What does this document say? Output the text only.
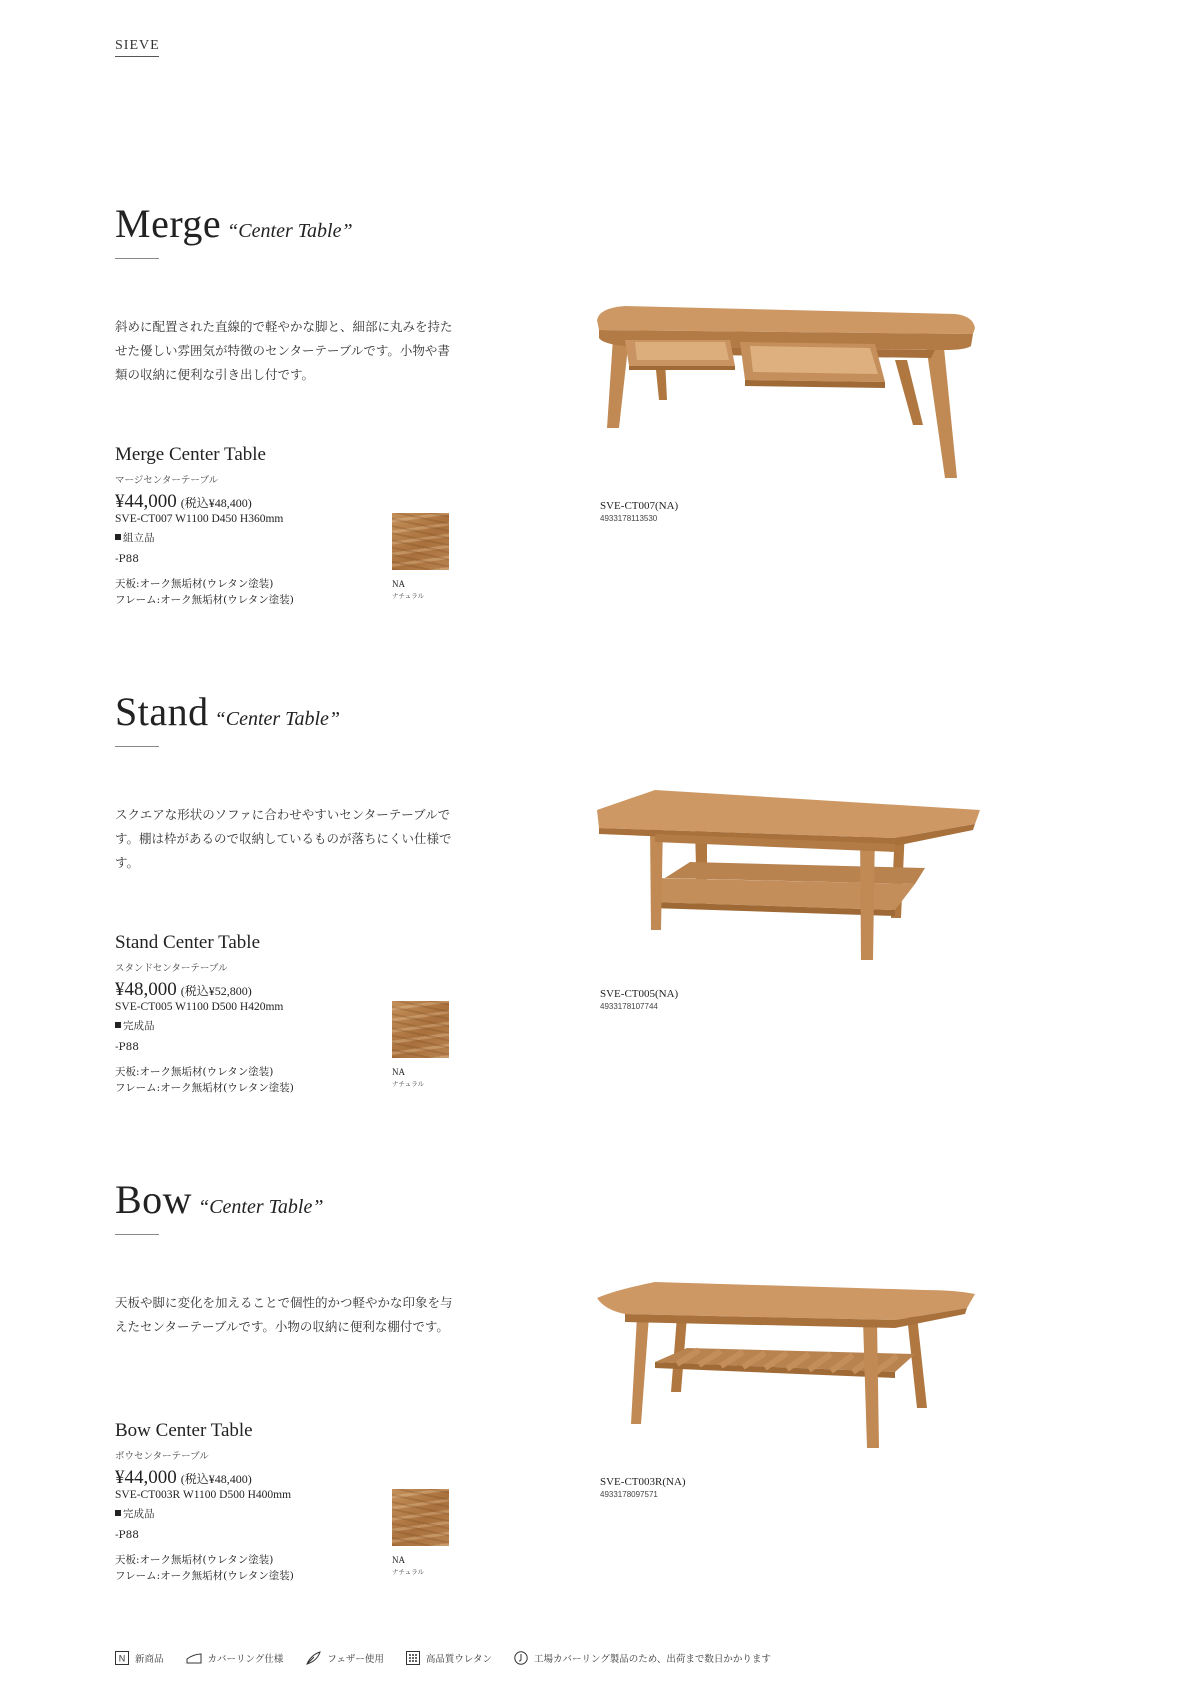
SIEVE
Merge “Center Table”
斜めに配置された直線的で軽やかな脚と、細部に丸みを持たせた優しい雰囲気が特徴のセンターテーブルです。小物や書類の収納に便利な引き出し付です。
Merge Center Table
マージセンターテーブル
¥44,000 (税込¥48,400)
SVE-CT007 W1100 D450 H360mm
組立品
-P88
天板:オーク無垢材(ウレタン塗装)
フレーム:オーク無垢材(ウレタン塗装)
NA
ナチュラル
SVE-CT007(NA)
4933178113530
Stand “Center Table”
スクエアな形状のソファに合わせやすいセンターテーブルです。棚は枠があるので収納しているものが落ちにくい仕様です。
Stand Center Table
スタンドセンターテーブル
¥48,000 (税込¥52,800)
SVE-CT005 W1100 D500 H420mm
完成品
-P88
天板:オーク無垢材(ウレタン塗装)
フレーム:オーク無垢材(ウレタン塗装)
NA
ナチュラル
SVE-CT005(NA)
4933178107744
Bow “Center Table”
天板や脚に変化を加えることで個性的かつ軽やかな印象を与えたセンターテーブルです。小物の収納に便利な棚付です。
Bow Center Table
ボウセンターテーブル
¥44,000 (税込¥48,400)
SVE-CT003R W1100 D500 H400mm
完成品
-P88
天板:オーク無垢材(ウレタン塗装)
フレーム:オーク無垢材(ウレタン塗装)
NA
ナチュラル
SVE-CT003R(NA)
4933178097571
N 新商品	カバーリング仕様	フェザー使用	高品質ウレタン	工場カバーリング製品のため、出荷まで数日かかります
